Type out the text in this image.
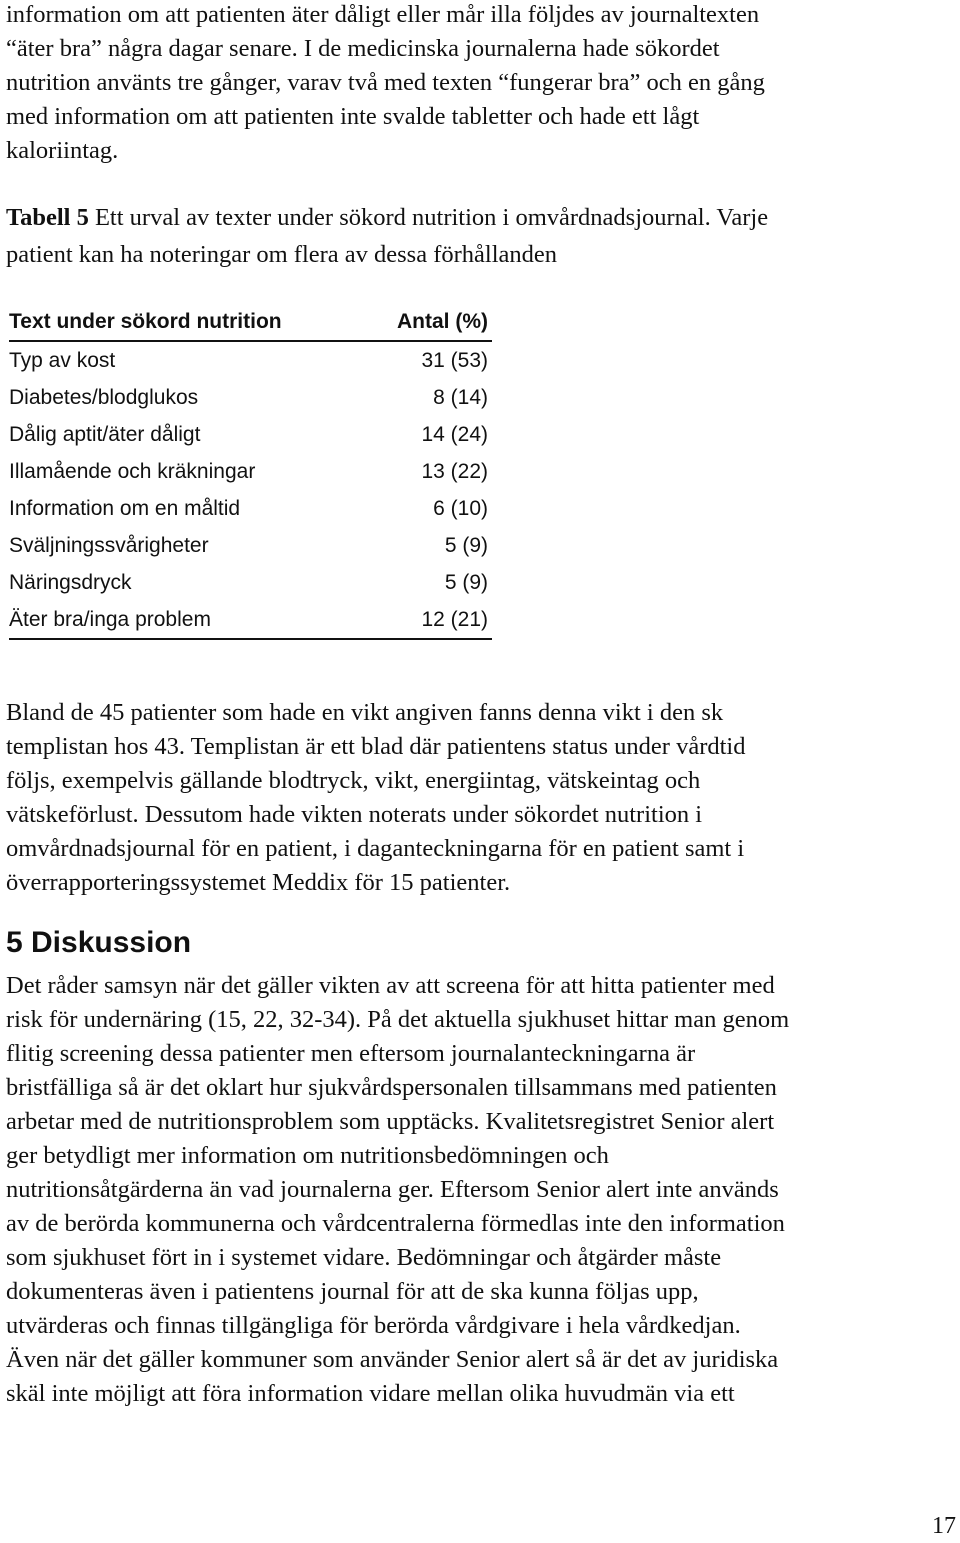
information om att patienten äter dåligt eller mår illa följdes av journaltexten
“äter bra” några dagar senare. I de medicinska journalerna hade sökordet
nutrition använts tre gånger, varav två med texten “fungerar bra” och en gång
med information om att patienten inte svalde tabletter och hade ett lågt
kaloriintag.
Tabell 5 Ett urval av texter under sökord nutrition i omvårdnadsjournal. Varje
patient kan ha noteringar om flera av dessa förhållanden
Text under sökord nutrition	Antal (%)
Typ av kost	31 (53)
Diabetes/blodglukos	8 (14)
Dålig aptit/äter dåligt	14 (24)
Illamående och kräkningar	13 (22)
Information om en måltid	6 (10)
Sväljningssvårigheter	5 (9)
Näringsdryck	5 (9)
Äter bra/inga problem	12 (21)
Bland de 45 patienter som hade en vikt angiven fanns denna vikt i den sk
templistan hos 43. Templistan är ett blad där patientens status under vårdtid
följs, exempelvis gällande blodtryck, vikt, energiintag, vätskeintag och
vätskeförlust. Dessutom hade vikten noterats under sökordet nutrition i
omvårdnadsjournal för en patient, i daganteckningarna för en patient samt i
överrapporteringssystemet Meddix för 15 patienter.
5 Diskussion
Det råder samsyn när det gäller vikten av att screena för att hitta patienter med
risk för undernäring (15, 22, 32-34). På det aktuella sjukhuset hittar man genom
flitig screening dessa patienter men eftersom journalanteckningarna är
bristfälliga så är det oklart hur sjukvårdspersonalen tillsammans med patienten
arbetar med de nutritionsproblem som upptäcks. Kvalitetsregistret Senior alert
ger betydligt mer information om nutritionsbedömningen och
nutritionsåtgärderna än vad journalerna ger. Eftersom Senior alert inte används
av de berörda kommunerna och vårdcentralerna förmedlas inte den information
som sjukhuset fört in i systemet vidare. Bedömningar och åtgärder måste
dokumenteras även i patientens journal för att de ska kunna följas upp,
utvärderas och finnas tillgängliga för berörda vårdgivare i hela vårdkedjan.
Även när det gäller kommuner som använder Senior alert så är det av juridiska
skäl inte möjligt att föra information vidare mellan olika huvudmän via ett
17
